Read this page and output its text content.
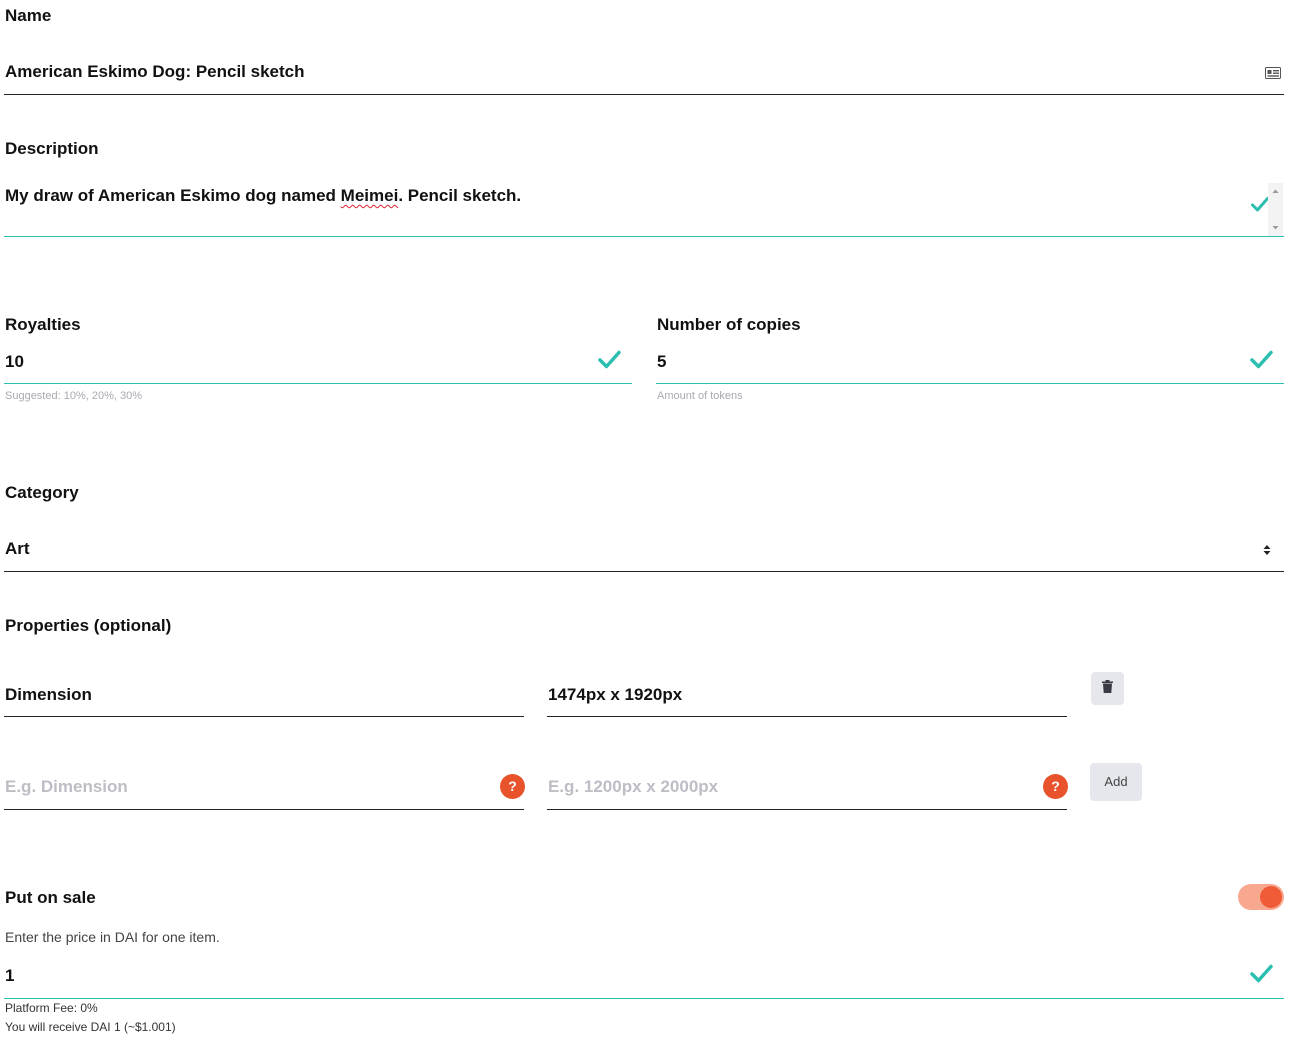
Name
American Eskimo Dog: Pencil sketch
Description
My draw of American Eskimo dog named Meimei. Pencil sketch.
Royalties
10
Suggested: 10%, 20%, 30%
Number of copies
5
Amount of tokens
Category
Art
Properties (optional)
Dimension	1474px x 1920px
E.g. Dimension	?	E.g. 1200px x 2000px	?	Add
Put on sale
Enter the price in DAI for one item.
1
Platform Fee: 0%
You will receive DAI 1 (~$1.001)
